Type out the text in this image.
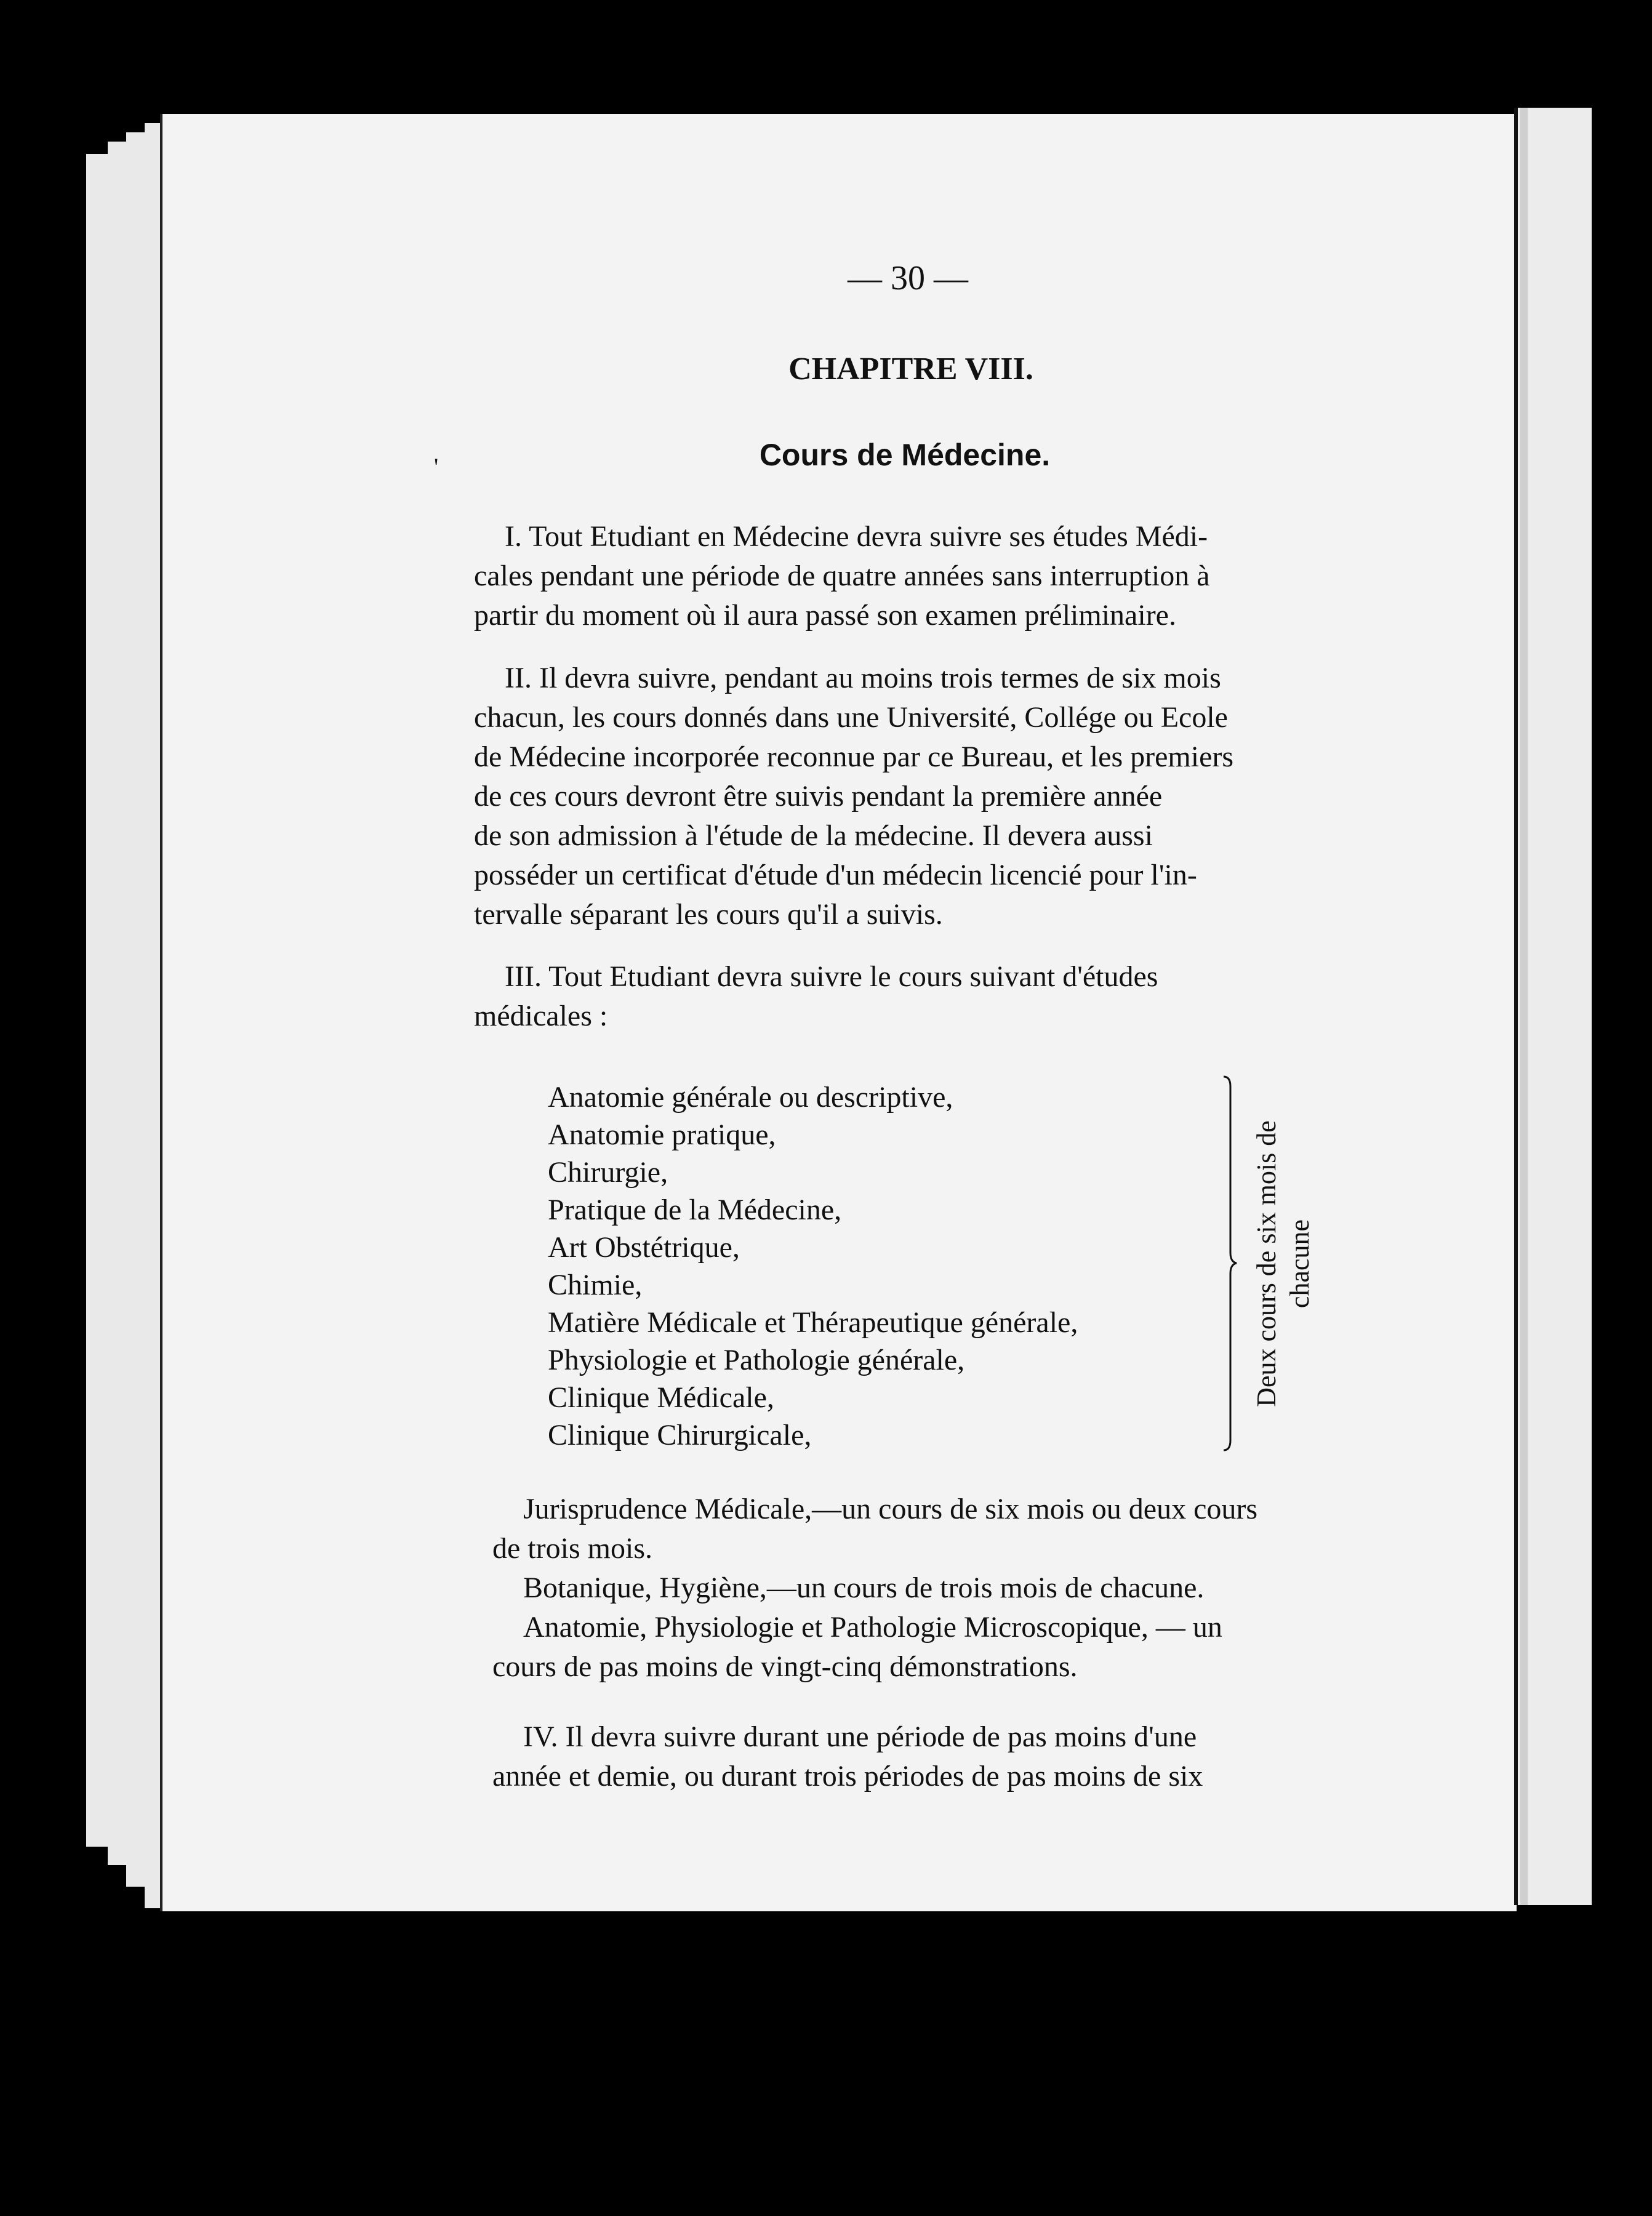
— 30 —
CHAPITRE VIII.
'	Cours de Médecine.
I. Tout Etudiant en Médecine devra suivre ses études Médi-
cales pendant une période de quatre années sans interruption à
partir du moment où il aura passé son examen préliminaire.
II. Il devra suivre, pendant au moins trois termes de six mois
chacun, les cours donnés dans une Université, Collége ou Ecole
de Médecine incorporée reconnue par ce Bureau, et les premiers
de ces cours devront être suivis pendant la première année
de son admission à l'étude de la médecine. Il devera aussi
posséder un certificat d'étude d'un médecin licencié pour l'in-
tervalle séparant les cours qu'il a suivis.
III. Tout Etudiant devra suivre le cours suivant d'études
médicales :
Anatomie générale ou descriptive,
Anatomie pratique,
Chirurgie,
Pratique de la Médecine,
Art Obstétrique,
Chimie,
Matière Médicale et Thérapeutique générale,
Physiologie et Pathologie générale,
Clinique Médicale,
Clinique Chirurgicale,
Deux cours de six mois de chacune
Jurisprudence Médicale,—un cours de six mois ou deux cours
de trois mois.
Botanique, Hygiène,—un cours de trois mois de chacune.
Anatomie, Physiologie et Pathologie Microscopique, — un
cours de pas moins de vingt-cinq démonstrations.
IV. Il devra suivre durant une période de pas moins d'une
année et demie, ou durant trois périodes de pas moins de six
